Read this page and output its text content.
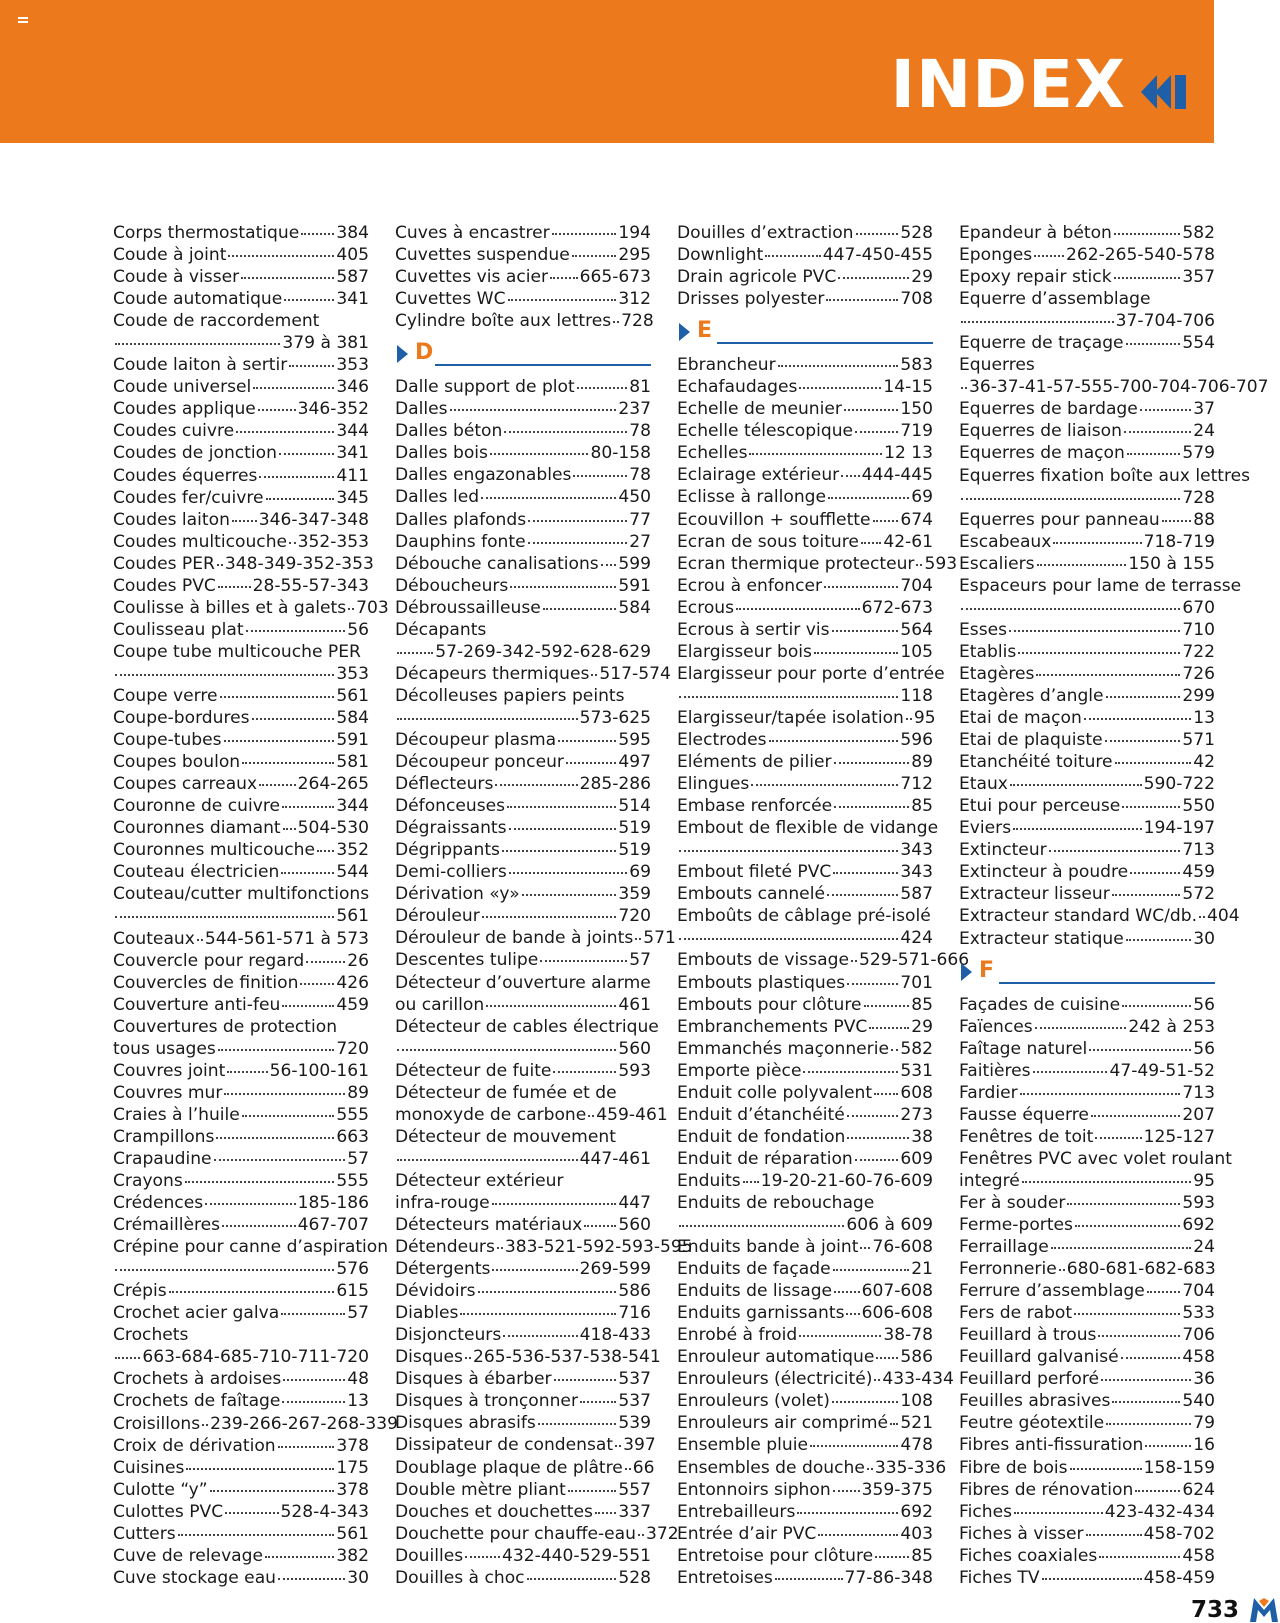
INDEX
Corps thermostatique 384
Coude à joint	405
Coude à visser	587
Coude automatique	341
Coude de raccordement
379 à 381
Coude laiton à sertir	353
Coude universel	346
Coudes applique 346-352
Coudes cuivre	344
Coudes de jonction	341
Coudes équerres	411
Coudes fer/cuivre	345
Coudes laiton 346-347-348
Coudes multicouche 352-353
Coudes PER 348-349-352-353
Coudes PVC 28-55-57-343
Coulisse à billes et à galets 703
Coulisseau plat	56
Coupe tube multicouche PER
353
Coupe verre	561
Coupe-bordures	584
Coupe-tubes	591
Coupes boulon	581
Coupes carreaux 264-265
Couronne de cuivre	344
Couronnes diamant 504-530
Couronnes multicouche 352
Couteau électricien	544
Couteau/cutter multifonctions
561
Couteaux 544-561-571 à 573
Couvercle pour regard	26
Couvercles de finition 426
Couverture anti-feu	459
Couvertures de protection
tous usages	720
Couvres joint	56-100-161
Couvres mur	89
Craies à l’huile	555
Crampillons	663
Crapaudine	57
Crayons	555
Crédences	185-186
Crémaillères	467-707
Crépine pour canne d’aspiration
576
Crépis	615
Crochet acier galva	57
Crochets
663-684-685-710-711-720
Crochets à ardoises	48
Crochets de faîtage	13
Croisillons 239-266-267-268-339
Croix de dérivation	378
Cuisines	175
Culotte “y”	378
Culottes PVC	528-4-343
Cutters	561
Cuve de relevage	382
Cuve stockage eau	30
Cuves à encastrer	194
Cuvettes suspendue	295
Cuvettes vis acier 665-673
Cuvettes WC	312
Cylindre boîte aux lettres 728
D
Dalle support de plot	81
Dalles	237
Dalles béton	78
Dalles bois	80-158
Dalles engazonables	78
Dalles led	450
Dalles plafonds	77
Dauphins fonte	27
Débouche canalisations 599
Déboucheurs	591
Débroussailleuse	584
Décapants
57-269-342-592-628-629
Décapeurs thermiques 517-574
Décolleuses papiers peints
573-625
Découpeur plasma	595
Découpeur ponceur	497
Déflecteurs	285-286
Défonceuses	514
Dégraissants	519
Dégrippants	519
Demi-colliers	69
Dérivation «y»	359
Dérouleur	720
Dérouleur de bande à joints 571
Descentes tulipe	57
Détecteur d’ouverture alarme
ou carillon	461
Détecteur de cables électrique
560
Détecteur de fuite	593
Détecteur de fumée et de
monoxyde de carbone 459-461
Détecteur de mouvement
447-461
Détecteur extérieur
infra-rouge	447
Détecteurs matériaux 560
Détendeurs 383-521-592-593-595
Détergents	269-599
Dévidoirs	586
Diables	716
Disjoncteurs	418-433
Disques 265-536-537-538-541
Disques à ébarber	537
Disques à tronçonner 537
Disques abrasifs	539
Dissipateur de condensat 397
Doublage plaque de plâtre 66
Double mètre pliant	557
Douches et douchettes 337
Douchette pour chauffe-eau 372
Douilles 432-440-529-551
Douilles à choc	528
Douilles d’extraction	528
Downlight	447-450-455
Drain agricole PVC	29
Drisses polyester	708
E
Ebrancheur	583
Echafaudages	14-15
Echelle de meunier	150
Echelle télescopique	719
Echelles	12 13
Eclairage extérieur 444-445
Eclisse à rallonge	69
Ecouvillon + soufflette 674
Ecran de sous toiture 42-61
Ecran thermique protecteur 593
Ecrou à enfoncer	704
Ecrous	672-673
Ecrous à sertir vis	564
Elargisseur bois	105
Elargisseur pour porte d’entrée
118
Elargisseur/tapée isolation 95
Electrodes	596
Eléments de pilier	89
Elingues	712
Embase renforcée	85
Embout de flexible de vidange
343
Embout fileté PVC	343
Embouts cannelé	587
Emboûts de câblage pré-isolé
424
Embouts de vissage 529-571-666
Embouts plastiques	701
Embouts pour clôture	85
Embranchements PVC	29
Emmanchés maçonnerie 582
Emporte pièce	531
Enduit colle polyvalent 608
Enduit d’étanchéité	273
Enduit de fondation	38
Enduit de réparation	609
Enduits 19-20-21-60-76-609
Enduits de rebouchage
606 à 609
Enduits bande à joint 76-608
Enduits de façade	21
Enduits de lissage 607-608
Enduits garnissants 606-608
Enrobé à froid	38-78
Enrouleur automatique 586
Enrouleurs (électricité) 433-434
Enrouleurs (volet)	108
Enrouleurs air comprimé 521
Ensemble pluie	478
Ensembles de douche 335-336
Entonnoirs siphon 359-375
Entrebailleurs	692
Entrée d’air PVC	403
Entretoise pour clôture 85
Entretoises	77-86-348
Epandeur à béton	582
Eponges 262-265-540-578
Epoxy repair stick	357
Equerre d’assemblage
37-704-706
Equerre de traçage	554
Equerres
36-37-41-57-555-700-704-706-707
Equerres de bardage	37
Equerres de liaison	24
Equerres de maçon	579
Equerres fixation boîte aux lettres
728
Equerres pour panneau 88
Escabeaux	718-719
Escaliers	150 à 155
Espaceurs pour lame de terrasse
670
Esses	710
Etablis	722
Etagères	726
Etagères d’angle	299
Etai de maçon	13
Etai de plaquiste	571
Etanchéité toiture	42
Etaux	590-722
Etui pour perceuse	550
Eviers	194-197
Extincteur	713
Extincteur à poudre	459
Extracteur lisseur	572
Extracteur standard WC/db. 404
Extracteur statique	30
F
Façades de cuisine	56
Faïences	242 à 253
Faîtage naturel	56
Faitières	47-49-51-52
Fardier	713
Fausse équerre	207
Fenêtres de toit	125-127
Fenêtres PVC avec volet roulant
integré	95
Fer à souder	593
Ferme-portes	692
Ferraillage	24
Ferronnerie 680-681-682-683
Ferrure d’assemblage 704
Fers de rabot	533
Feuillard à trous	706
Feuillard galvanisé	458
Feuillard perforé	36
Feuilles abrasives	540
Feutre géotextile	79
Fibres anti-fissuration	16
Fibre de bois	158-159
Fibres de rénovation	624
Fiches	423-432-434
Fiches à visser	458-702
Fiches coaxiales	458
Fiches TV	458-459
733
